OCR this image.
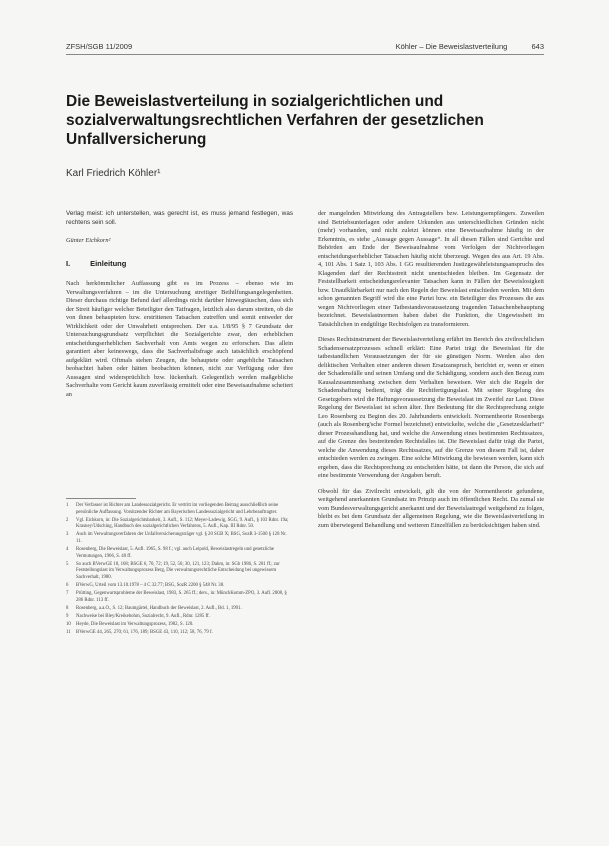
ZFSH/SGB 11/2009	Köhler – Die Beweislastverteilung	643
Die Beweislastverteilung in sozialgerichtlichen und sozialverwaltungsrechtlichen Verfahren der gesetzlichen Unfallversicherung
Karl Friedrich Köhler¹

Verlag meist: ich unterstellen, was gerecht ist, es muss jemand festlegen, was rechtens sein soll.

Günter Eichkorn²

I.	Einleitung

Nach herkömmlicher Auffassung gibt es im Prozess – ebenso wie im Verwaltungsverfahren – im die Untersuchung streitiger Beihilfungsangelegenheiten. Dieser durchaus richtige Befund darf allerdings nicht darüber hinwegtäuschen, dass sich der Streit häufiger welcher Beteiligter den Tatfragen, letztlich also darum streiten, ob die von ihnen behaupteten bzw. erstrittenen Tatsachen zutreffen und somit entweder der Wirklichkeit oder der Unwahrheit entsprechen. Der u.a. 1/8/95 § 7 Grundsatz der Untersuchungsgrundsatz verpflichtet die Sozialgerichte zwar, den erheblichen entscheidungserheblichen Sachverhalt von Amts wegen zu erforschen. Das allein garantiert aber keineswegs, dass die Sachverhaltsfrage auch tatsächlich erschöpfend aufgeklärt wird. Oftmals stehen Zeugen, die behauptete oder angebliche Tatsachen beobachtet haben oder hätten beobachten können, nicht zur Verfügung oder ihre Aussagen sind widersprüchlich bzw. lückenhaft. Gelegentlich werden maßgebliche Sachverhalte vom Gericht kaum zuverlässig ermittelt oder eine Beweisaufnahme scheitert an

1	Der Verfasser ist Richter am Landessozialgericht. Er vertritt im vorliegenden Beitrag ausschließlich seine persönliche Auffassung. Vorsitzender Richter am Bayerischen Landessozialgericht und Lehrbeauftragter.
2	Vgl. Eichkorn, in: Die Sozialgerichtsbarkeit, 3. Aufl., S. 112; Meyer-Ladewig, SGG, 9. Aufl., § 103 Rdnr. 19a; Krasney/Udsching, Handbuch des sozialgerichtlichen Verfahrens, 5. Aufl., Kap. III Rdnr. 50.
3	Auch im Verwaltungsverfahren der Unfallversicherungsträger vgl. § 20 SGB X; BSG, SozR 3-1500 § 128 Nr. 11.
4	Rosenberg, Die Beweislast, 5. Aufl. 1965, S. 98 f.; vgl. auch Leipold, Beweislastregeln und gesetzliche Vermutungen, 1966, S. 40 ff.
5	So auch BVerwGE 18, 168; BSGE 6, 70, 72; 19, 52, 56; 30, 121, 123; Dahm, in: SGb 1986, S. 281 ff.; zur Feststellungslast im Verwaltungsprozess Berg, Die verwaltungsrechtliche Entscheidung bei ungewissem Sachverhalt, 1980.
6	BVerwG, Urteil vom 13.10.1978 – 4 C 32.77; BSG, SozR 2200 § 548 Nr. 38.
7	Prütting, Gegenwartsprobleme der Beweislast, 1983, S. 265 ff.; ders., in: MünchKomm-ZPO, 3. Aufl. 2008, § 286 Rdnr. 113 ff.
8	Rosenberg, a.a.O., S. 12; Baumgärtel, Handbuch der Beweislast, 2. Aufl., Bd. 1, 1991.
9	Nachweise bei Bley/Kreikebohm, Sozialrecht, 9. Aufl., Rdnr. 1285 ff.
10	Heyde, Die Beweislast im Verwaltungsprozess, 1982, S. 120.
11	BVerwGE 44, 265, 270; 61, 176, 189; BSGE 43, 110, 112; 58, 76, 79 f.

der mangelnden Mitwirkung des Antragstellers bzw. Leistungsempfängers. Zuweilen sind Betriebsunterlagen oder andere Urkunden aus unterschiedlichen Gründen nicht (mehr) vorhanden, und nicht zuletzt können eine Beweisaufnahme häufig in der Erkenntnis, es stehe „Aussage gegen Aussage“. In all diesen Fällen sind Gerichte und Behörden am Ende der Beweisaufnahme vom Verfolgen der Nichtvorliegen entscheidungserheblicher Tatsachen häufig nicht überzeugt. Wegen des aus Art. 19 Abs. 4, 101 Abs. 1 Satz 1, 103 Abs. 1 GG resultierenden Justizgewährleistungsanspruchs des Klagenden darf der Rechtsstreit nicht unentschieden bleiben. Im Gegensatz der Feststellbarkeit entscheidungsrelevanter Tatsachen kann in Fällen der Beweislosigkeit bzw. Unaufklärbarkeit nur nach den Regeln der Beweislast entschieden werden. Mit dem schon genannten Begriff wird die eine Partei bzw. ein Beteiligter des Prozesses die aus wegen Nichtvorliegen einer Tatbestandsvoraussetzung tragenden Tatsachenbehauptung bezeichnet. Beweislastnormen haben dabei die Funktion, die Ungewissheit im Tatsächlichen in endgültige Rechtsfolgen zu transformieren.

Dieses Rechtsinstrument der Beweislastverteilung erfährt im Bereich des zivilrechtlichen Schadensersatzprozesses schnell erklärt: Eine Partei trägt die Beweislast für die tatbestandlichen Voraussetzungen der für sie günstigen Norm. Werden also den deliktischen Verhalten einer anderen diesen Ersatzanspruch, berichtet er, wenn er einen der Schadensfälle und seinen Umfang und die Schädigung, sondern auch den Bezug zum Kausalzusammenhang zwischen dem Verhalten beweisen. Wer sich die Regeln der Schadenshaftung bedient, trägt die Rechtfertigungslast. Mit seiner Regelung des Gesetzgebers wird die Haftungsvoraussetzung die Beweislast im Zweifel zur Last. Diese Regelung der Beweislast ist schon älter. Ihre Bedeutung für die Rechtsprechung zeigte Leo Rosenberg zu Beginn des 20. Jahrhunderts entwickelt. Normentheorie Rosenbergs (auch als Rosenberg'sche Formel bezeichnet) entwickelte, welche die „Gesetzesklarheit“ dieser Prozesshandlung hat, und welche die Anwendung eines bestimmten Rechtssatzes, auf die Grenze des bestreitenden Rechtsfalles ist. Die Beweislast dafür trägt die Partei, welche die Anwendung dieses Rechtssatzes, auf die Grenze von diesem Fall ist, daher entschieden werden zu zwingen. Eine solche Mitwirkung die bewiesen werden, kann sich ergeben, dass die Rechtsprechung zu entscheiden hätte, ist dann die Person, die sich auf eine bestimmte Verwendung der Angaben beruft.

Obwohl für das Zivilrecht entwickelt, gilt die von der Normentheorie gefundene, weitgehend anerkannten Grundsatz im Prinzip auch im öffentlichen Recht. Da zumal sie vom Bundesverwaltungsgericht anerkannt und der Beweislastregel weitgehend zu folgen, bleibt es bei dem Grundsatz der allgemeinen Regelung, wie die Beweislastverteilung in zum überwiegend Behandlung und weiteren Einzelfällen zu berücksichtigen haben sind.
